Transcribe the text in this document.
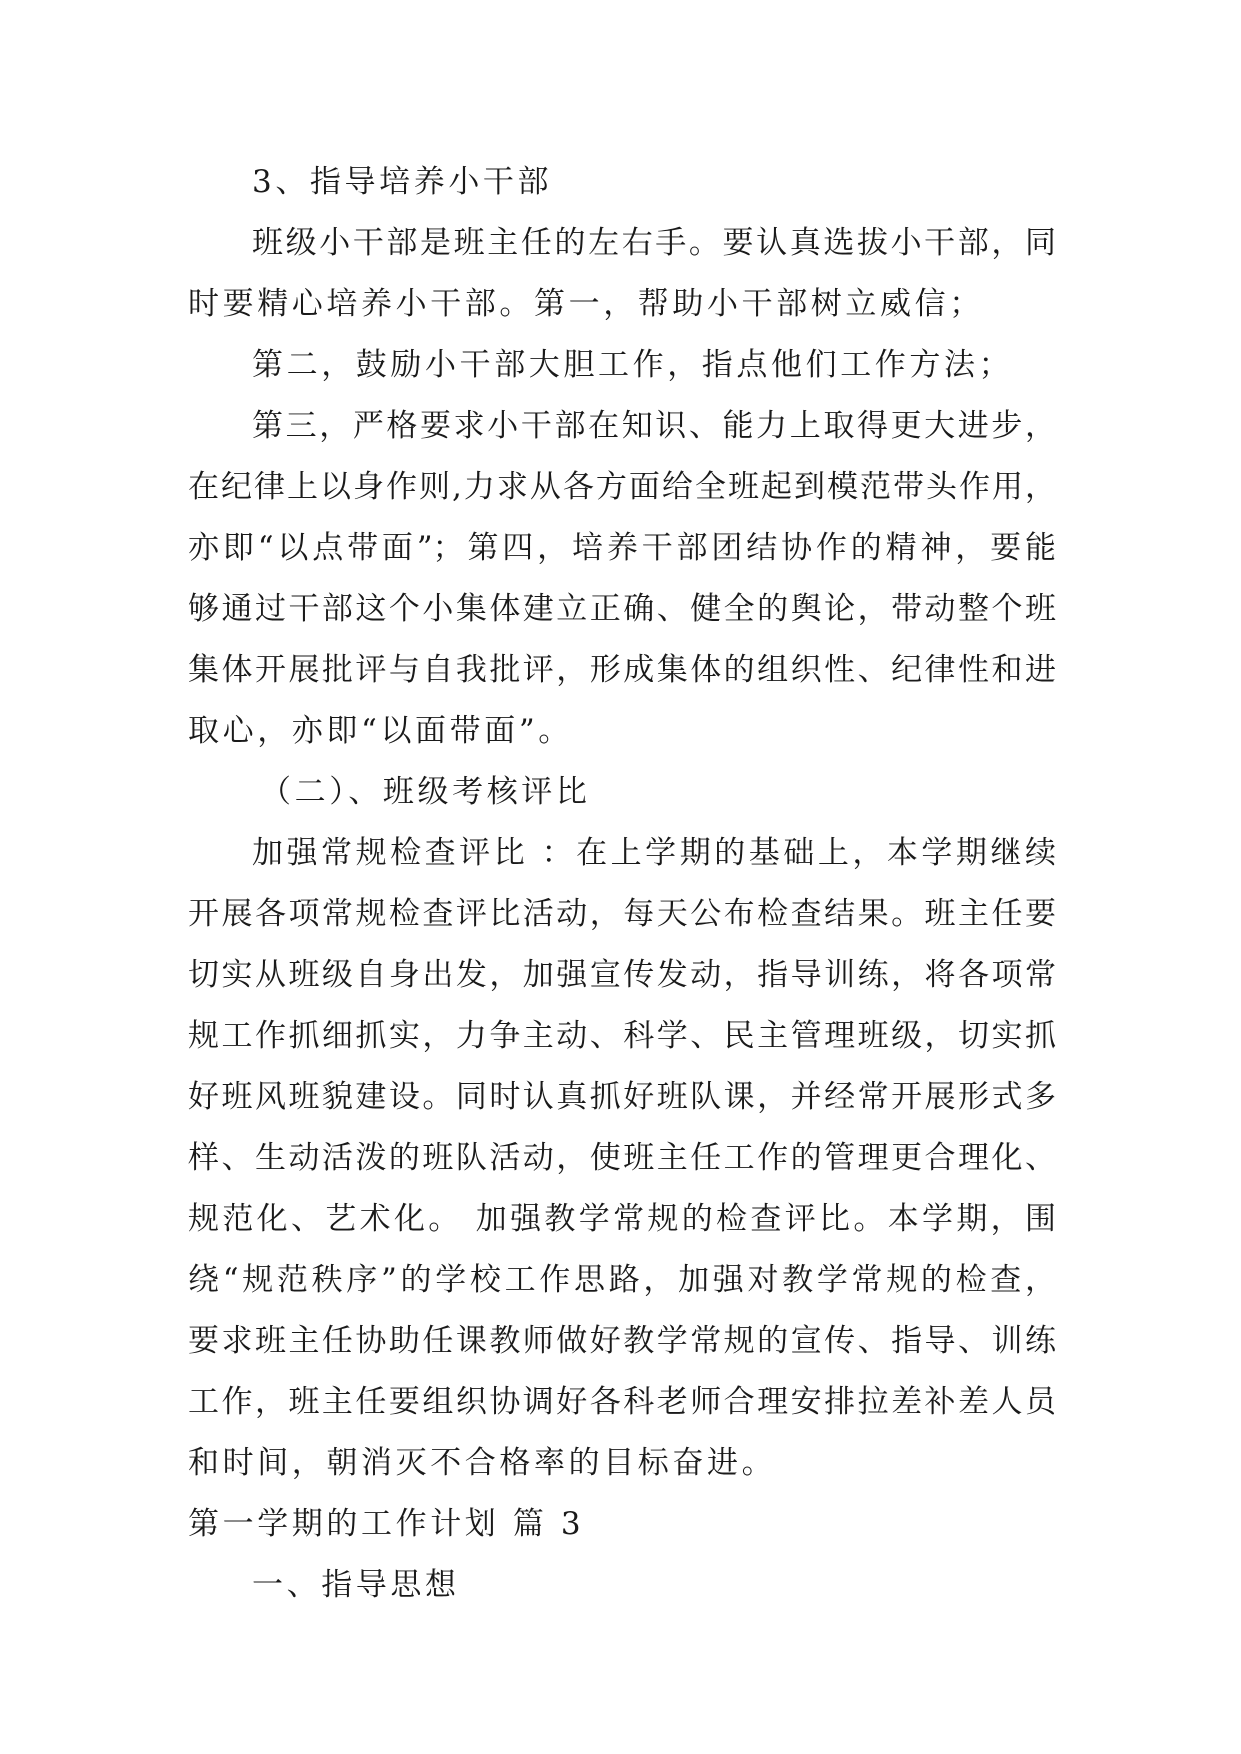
3、指导培养小干部
班级小干部是班主任的左右手。要认真选拔小干部，同
时要精心培养小干部。第一，帮助小干部树立威信；
第二，鼓励小干部大胆工作，指点他们工作方法；
第三，严格要求小干部在知识、能力上取得更大进步，
在纪律上以身作则,力求从各方面给全班起到模范带头作用，
亦即“以点带面”；第四，培养干部团结协作的精神，要能
够通过干部这个小集体建立正确、健全的舆论，带动整个班
集体开展批评与自我批评，形成集体的组织性、纪律性和进
取心，亦即“以面带面”。
（二）、班级考核评比
加强常规检查评比 ：在上学期的基础上，本学期继续
开展各项常规检查评比活动，每天公布检查结果。班主任要
切实从班级自身出发，加强宣传发动，指导训练，将各项常
规工作抓细抓实，力争主动、科学、民主管理班级，切实抓
好班风班貌建设。同时认真抓好班队课，并经常开展形式多
样、生动活泼的班队活动，使班主任工作的管理更合理化、
规范化、艺术化。 加强教学常规的检查评比。本学期，围
绕“规范秩序”的学校工作思路，加强对教学常规的检查，
要求班主任协助任课教师做好教学常规的宣传、指导、训练
工作，班主任要组织协调好各科老师合理安排拉差补差人员
和时间，朝消灭不合格率的目标奋进。
第一学期的工作计划 篇 3
一、指导思想
